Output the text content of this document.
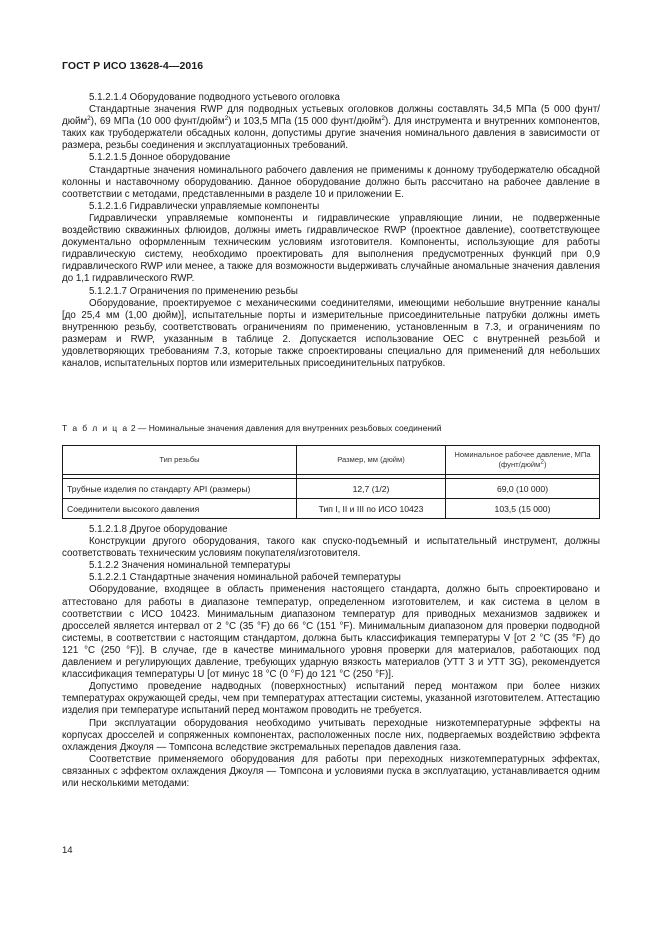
ГОСТ Р ИСО 13628-4—2016

5.1.2.1.4 Оборудование подводного устьевого оголовка

Стандартные значения RWP для подводных устьевых оголовков должны составлять 34,5 МПа (5 000 фунт/дюйм$^2$), 69 МПа (10 000 фунт/дюйм$^2$) и 103,5 МПа (15 000 фунт/дюйм$^2$). Для инструмента и внутренних компонентов, таких как трубодержатели обсадных колонн, допустимы другие значения номинального давления в зависимости от размера, резьбы соединения и эксплуатационных требований.

5.1.2.1.5 Донное оборудование

Стандартные значения номинального рабочего давления не применимы к донному трубодержателю обсадной колонны и наставочному оборудованию. Данное оборудование должно быть рассчитано на рабочее давление в соответствии с методами, представленными в разделе 10 и приложении E.

5.1.2.1.6 Гидравлически управляемые компоненты

Гидравлически управляемые компоненты и гидравлические управляющие линии, не подверженные воздействию скважинных флюидов, должны иметь гидравлическое RWP (проектное давление), соответствующее документально оформленным техническим условиям изготовителя. Компоненты, использующие для работы гидравлическую систему, необходимо проектировать для выполнения предусмотренных функций при 0,9 гидравлического RWP или менее, а также для возможности выдерживать случайные аномальные значения давления до 1,1 гидравлического RWP.

5.1.2.1.7 Ограничения по применению резьбы

Оборудование, проектируемое с механическими соединителями, имеющими небольшие внутренние каналы [до 25,4 мм (1,00 дюйм)], испытательные порты и измерительные присоединительные патрубки должны иметь внутреннюю резьбу, соответствовать ограничениям по применению, установленным в 7.3, и ограничениям по размерам и RWP, указанным в таблице 2. Допускается использование ОЕС с внутренней резьбой и удовлетворяющих требованиям 7.3, которые также спроектированы специально для применений для небольших каналов, испытательных портов или измерительных присоединительных патрубков.

Т а б л и ц а 2 — Номинальные значения давления для внутренних резьбовых соединений
Тип резьбы	Размер, мм (дюйм)	Номинальное рабочее давление, МПа (фунт/дюйм$^2$)

Трубные изделия по стандарту API (размеры)	12,7 (1/2)	69,0 (10 000)
Соединители высокого давления	Тип I, II и III по ИСО 10423	103,5 (15 000)

5.1.2.1.8 Другое оборудование

Конструкции другого оборудования, такого как спуско-подъемный и испытательный инструмент, должны соответствовать техническим условиям покупателя/изготовителя.

5.1.2.2 Значения номинальной температуры

5.1.2.2.1 Стандартные значения номинальной рабочей температуры

Оборудование, входящее в область применения настоящего стандарта, должно быть спроектировано и аттестовано для работы в диапазоне температур, определенном изготовителем, и как система в целом в соответствии с ИСО 10423. Минимальным диапазоном температур для приводных механизмов задвижек и дросселей является интервал от 2 °С (35 °F) до 66 °С (151 °F). Минимальным диапазоном для проверки подводной системы, в соответствии с настоящим стандартом, должна быть классификация температуры V [от 2 °С (35 °F) до 121 °С (250 °F)]. В случае, где в качестве минимального уровня проверки для материалов, работающих под давлением и регулирующих давление, требующих ударную вязкость материалов (УТТ 3 и УТТ 3G), рекомендуется классификация температуры U [от минус 18 °С (0 °F) до 121 °С (250 °F)].

Допустимо проведение надводных (поверхностных) испытаний перед монтажом при более низких температурах окружающей среды, чем при температурах аттестации системы, указанной изготовителем. Аттестацию изделия при температуре испытаний перед монтажом проводить не требуется.

При эксплуатации оборудования необходимо учитывать переходные низкотемпературные эффекты на корпусах дросселей и сопряженных компонентах, расположенных после них, подвергаемых воздействию эффекта охлаждения Джоуля — Томпсона вследствие экстремальных перепадов давления газа.

Соответствие применяемого оборудования для работы при переходных низкотемпературных эффектах, связанных с эффектом охлаждения Джоуля — Томпсона и условиями пуска в эксплуатацию, устанавливается одним или несколькими методами:

14
